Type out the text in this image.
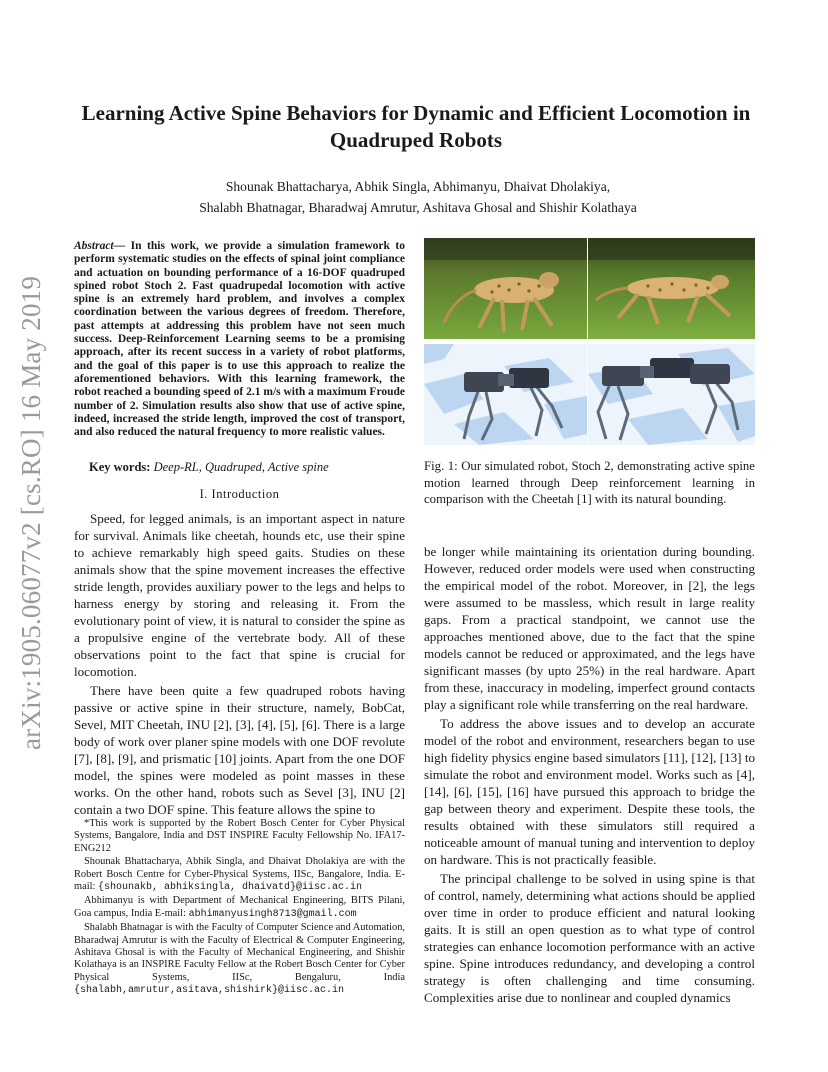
arXiv:1905.06077v2 [cs.RO] 16 May 2019
Learning Active Spine Behaviors for Dynamic and Efficient Locomotion in Quadruped Robots
Shounak Bhattacharya, Abhik Singla, Abhimanyu, Dhaivat Dholakiya,
Shalabh Bhatnagar, Bharadwaj Amrutur, Ashitava Ghosal and Shishir Kolathaya

Abstract— In this work, we provide a simulation framework to perform systematic studies on the effects of spinal joint compliance and actuation on bounding performance of a 16-DOF quadruped spined robot Stoch 2. Fast quadrupedal locomotion with active spine is an extremely hard problem, and involves a complex coordination between the various degrees of freedom. Therefore, past attempts at addressing this problem have not seen much success. Deep-Reinforcement Learning seems to be a promising approach, after its recent success in a variety of robot platforms, and the goal of this paper is to use this approach to realize the aforementioned behaviors. With this learning framework, the robot reached a bounding speed of 2.1 m/s with a maximum Froude number of 2. Simulation results also show that use of active spine, indeed, increased the stride length, improved the cost of transport, and also reduced the natural frequency to more realistic values.

Key words: Deep-RL, Quadruped, Active spine
I. Introduction

Speed, for legged animals, is an important aspect in nature for survival. Animals like cheetah, hounds etc, use their spine to achieve remarkably high speed gaits. Studies on these animals show that the spine movement increases the effective stride length, provides auxiliary power to the legs and helps to harness energy by storing and releasing it. From the evolutionary point of view, it is natural to consider the spine as a propulsive engine of the vertebrate body. All of these observations point to the fact that spine is crucial for locomotion.

There have been quite a few quadruped robots having passive or active spine in their structure, namely, BobCat, Sevel, MIT Cheetah, INU [2], [3], [4], [5], [6]. There is a large body of work over planer spine models with one DOF revolute [7], [8], [9], and prismatic [10] joints. Apart from the one DOF model, the spines were modeled as point masses in these works. On the other hand, robots such as Sevel [3], INU [2] contain a two DOF spine. This feature allows the spine to

*This work is supported by the Robert Bosch Center for Cyber Physical Systems, Bangalore, India and DST INSPIRE Faculty Fellowship No. IFA17-ENG212

Shounak Bhattacharya, Abhik Singla, and Dhaivat Dholakiya are with the Robert Bosch Centre for Cyber-Physical Systems, IISc, Bangalore, India. E-mail: {shounakb, abhiksingla, dhaivatd}@iisc.ac.in

Abhimanyu is with Department of Mechanical Engineering, BITS Pilani, Goa campus, India E-mail: abhimanyusingh8713@gmail.com

Shalabh Bhatnagar is with the Faculty of Computer Science and Automation, Bharadwaj Amrutur is with the Faculty of Electrical & Computer Engineering, Ashitava Ghosal is with the Faculty of Mechanical Engineering, and Shishir Kolathaya is an INSPIRE Faculty Fellow at the Robert Bosch Center for Cyber Physical Systems, IISc, Bengaluru, India {shalabh,amrutur,asitava,shishirk}@iisc.ac.in

Fig. 1: Our simulated robot, Stoch 2, demonstrating active spine motion learned through Deep reinforcement learning in comparison with the Cheetah [1] with its natural bounding.

be longer while maintaining its orientation during bounding. However, reduced order models were used when constructing the empirical model of the robot. Moreover, in [2], the legs were assumed to be massless, which result in large reality gaps. From a practical standpoint, we cannot use the approaches mentioned above, due to the fact that the spine models cannot be reduced or approximated, and the legs have significant masses (by upto 25%) in the real hardware. Apart from these, inaccuracy in modeling, imperfect ground contacts play a significant role while transferring on the real hardware.

To address the above issues and to develop an accurate model of the robot and environment, researchers began to use high fidelity physics engine based simulators [11], [12], [13] to simulate the robot and environment model. Works such as [4], [14], [6], [15], [16] have pursued this approach to bridge the gap between theory and experiment. Despite these tools, the results obtained with these simulators still required a noticeable amount of manual tuning and intervention to deploy on hardware. This is not practically feasible.

The principal challenge to be solved in using spine is that of control, namely, determining what actions should be applied over time in order to produce efficient and natural looking gaits. It is still an open question as to what type of control strategies can enhance locomotion performance with an active spine. Spine introduces redundancy, and developing a control strategy is often challenging and time consuming. Complexities arise due to nonlinear and coupled dynamics
